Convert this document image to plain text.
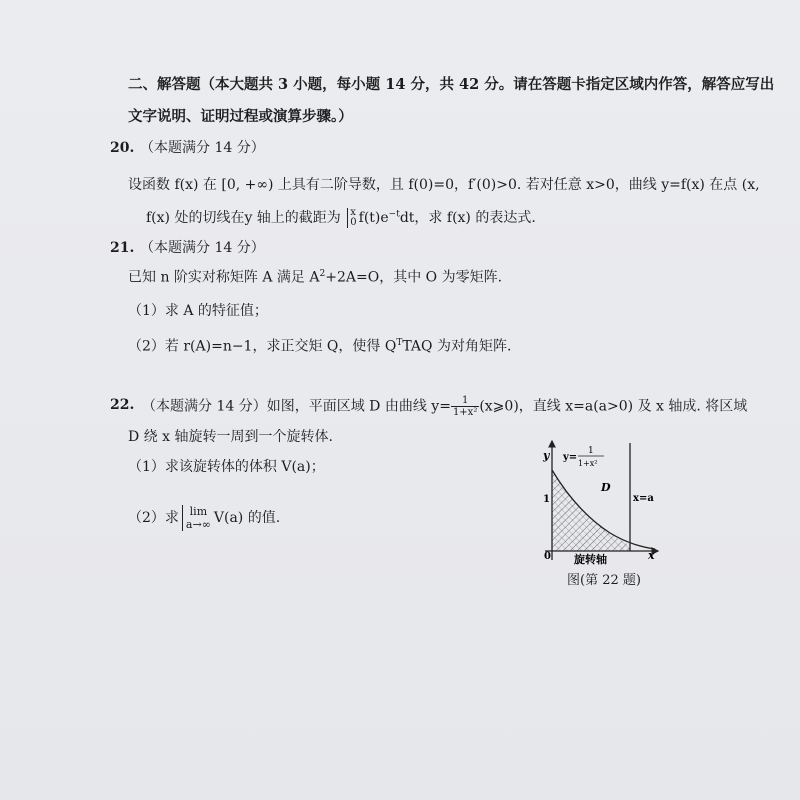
二、解答题（本大题共 3 小题，每小题 14 分，共 42 分。请在答题卡指定区域内作答，解答应写出
文字说明、证明过程或演算步骤。）
20. （本题满分 14 分）
设函数 f(x) 在 [0, +∞) 上具有二阶导数，且 f(0)=0，f′(0)>0. 若对任意 x>0，曲线 y=f(x) 在点 (x,
f(x) 处的切线在y 轴上的截距为 x
0 $f(t)e^{-t}dt$，求 f(x) 的表达式.
21. （本题满分 14 分）
已知 n 阶实对称矩阵 A 满足 $A^2+2A=O$，其中 O 为零矩阵.
（1）求 A 的特征值；
（2）若 r(A)=n−1，求正交矩 Q，使得 $Q^TTAQ$ 为对角矩阵.
22. （本题满分 14 分）如图，平面区域 D 由曲线 $y= \frac{1}{\text{1+x²}}$ (x⩾0)，直线 x=a(a>0) 及 x 轴成. 将区域
D 绕 x 轴旋转一周到一个旋转体.
（1）求该旋转体的体积 V(a)；
（2）求 lim
a→∞ V(a) 的值.
y
x
y=
1
1+x²
D
x=a
1
0 旋转轴
图(第 22 题)
